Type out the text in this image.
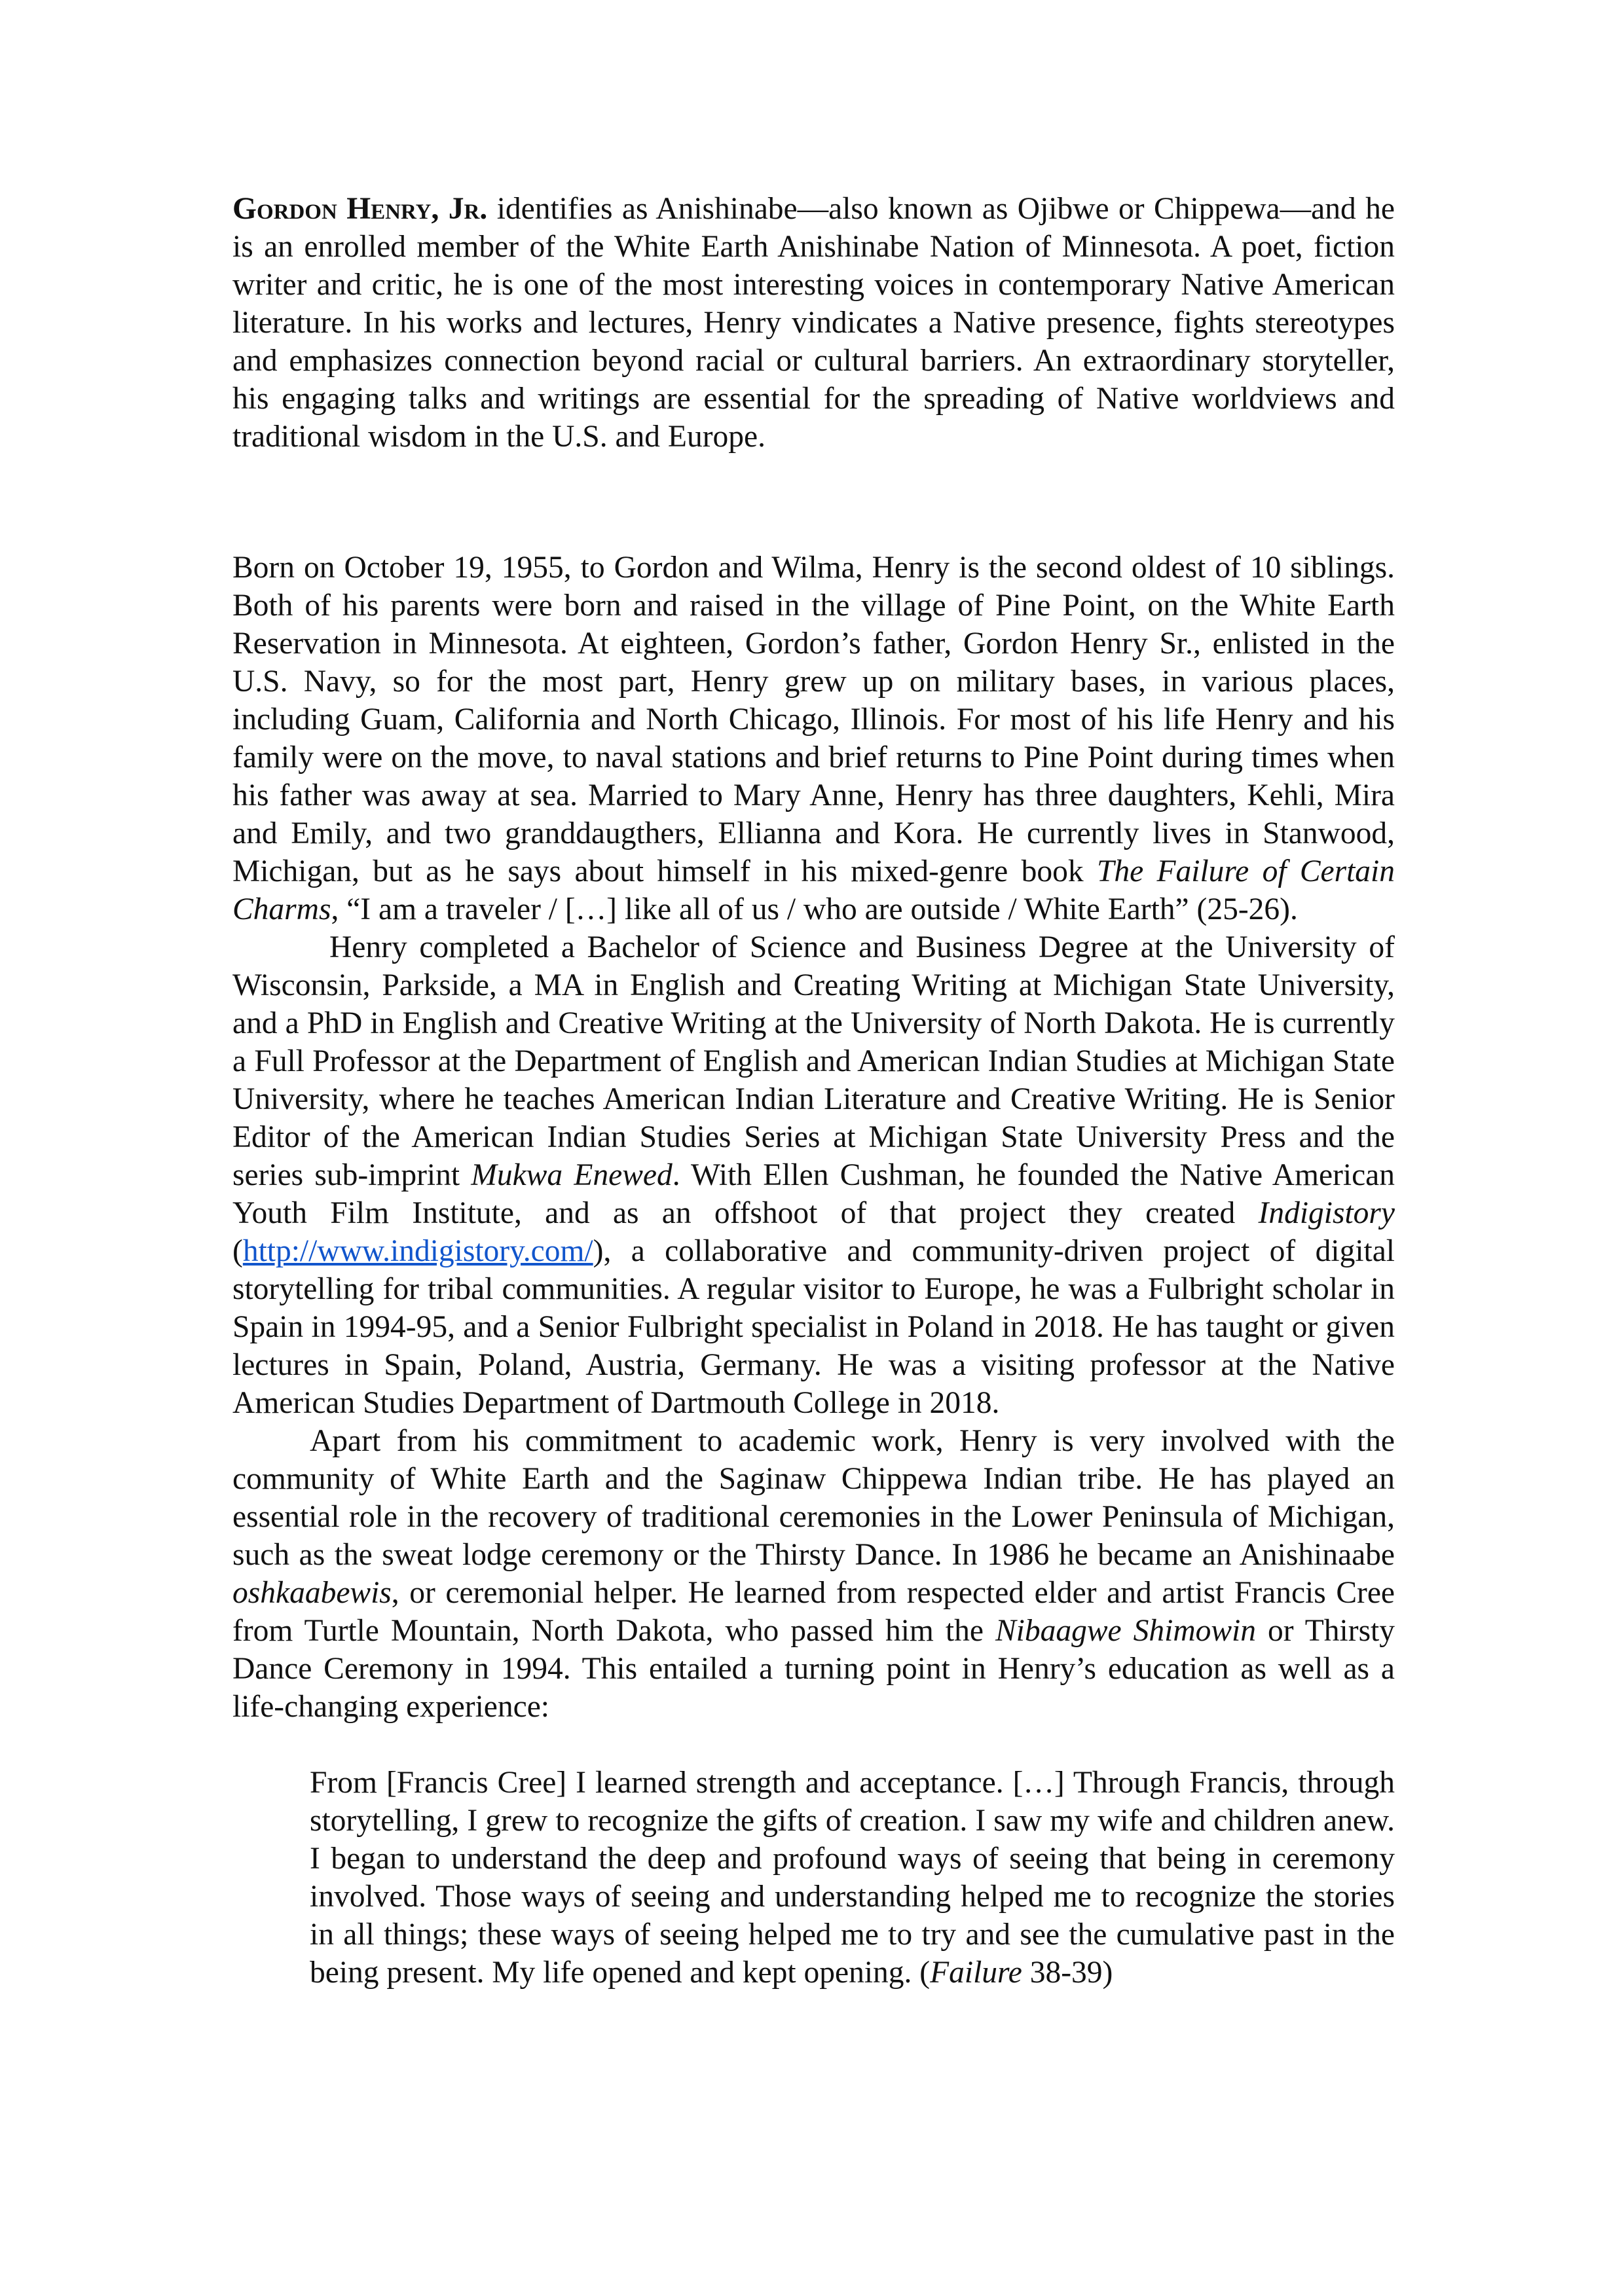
Gordon Henry, Jr. identifies as Anishinabe—also known as Ojibwe or Chippewa—and he is an enrolled member of the White Earth Anishinabe Nation of Minnesota. A poet, fiction writer and critic, he is one of the most interesting voices in contemporary Native American literature. In his works and lectures, Henry vindicates a Native presence, fights stereotypes and emphasizes connection beyond racial or cultural barriers. An extraordinary storyteller, his engaging talks and writings are essential for the spreading of Native worldviews and traditional wisdom in the U.S. and Europe.

Born on October 19, 1955, to Gordon and Wilma, Henry is the second oldest of 10 siblings. Both of his parents were born and raised in the village of Pine Point, on the White Earth Reservation in Minnesota. At eighteen, Gordon’s father, Gordon Henry Sr., enlisted in the U.S. Navy, so for the most part, Henry grew up on military bases, in various places, including Guam, California and North Chicago, Illinois. For most of his life Henry and his family were on the move, to naval stations and brief returns to Pine Point during times when his father was away at sea. Married to Mary Anne, Henry has three daughters, Kehli, Mira and Emily, and two granddaugthers, Ellianna and Kora. He currently lives in Stanwood, Michigan, but as he says about himself in his mixed-genre book The Failure of Certain Charms, “I am a traveler / […] like all of us / who are outside / White Earth” (25-26).

Henry completed a Bachelor of Science and Business Degree at the University of Wisconsin, Parkside, a MA in English and Creating Writing at Michigan State University, and a PhD in English and Creative Writing at the University of North Dakota. He is currently a Full Professor at the Department of English and American Indian Studies at Michigan State University, where he teaches American Indian Literature and Creative Writing. He is Senior Editor of the American Indian Studies Series at Michigan State University Press and the series sub-imprint Mukwa Enewed. With Ellen Cushman, he founded the Native American Youth Film Institute, and as an offshoot of that project they created Indigistory (http://www.indigistory.com/), a collaborative and community-driven project of digital storytelling for tribal communities. A regular visitor to Europe, he was a Fulbright scholar in Spain in 1994-95, and a Senior Fulbright specialist in Poland in 2018. He has taught or given lectures in Spain, Poland, Austria, Germany. He was a visiting professor at the Native American Studies Department of Dartmouth College in 2018.

Apart from his commitment to academic work, Henry is very involved with the community of White Earth and the Saginaw Chippewa Indian tribe. He has played an essential role in the recovery of traditional ceremonies in the Lower Peninsula of Michigan, such as the sweat lodge ceremony or the Thirsty Dance. In 1986 he became an Anishinaabe oshkaabewis, or ceremonial helper. He learned from respected elder and artist Francis Cree from Turtle Mountain, North Dakota, who passed him the Nibaagwe Shimowin or Thirsty Dance Ceremony in 1994. This entailed a turning point in Henry’s education as well as a life-changing experience:

From [Francis Cree] I learned strength and acceptance. […] Through Francis, through storytelling, I grew to recognize the gifts of creation. I saw my wife and children anew. I began to understand the deep and profound ways of seeing that being in ceremony involved. Those ways of seeing and understanding helped me to recognize the stories in all things; these ways of seeing helped me to try and see the cumulative past in the being present. My life opened and kept opening. (Failure 38-39)
